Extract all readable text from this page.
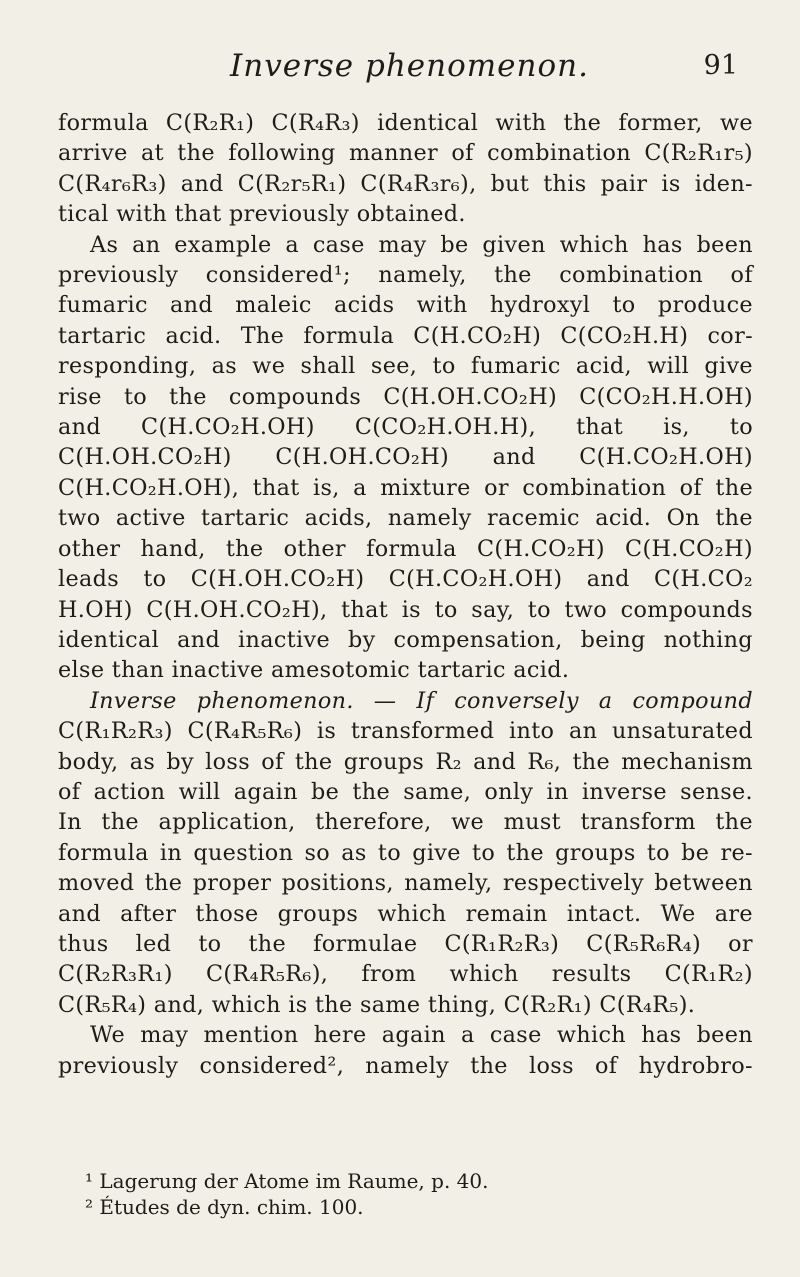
Inverse phenomenon.	91
formula C(R₂R₁) C(R₄R₃) identical with the former, we
arrive at the following manner of combination C(R₂R₁r₅)
C(R₄r₆R₃) and C(R₂r₅R₁) C(R₄R₃r₆), but this pair is iden-
tical with that previously obtained.
As an example a case may be given which has been
previously considered¹; namely, the combination of
fumaric and maleic acids with hydroxyl to produce
tartaric acid. The formula C(H.CO₂H) C(CO₂H.H) cor-
responding, as we shall see, to fumaric acid, will give
rise to the compounds C(H.OH.CO₂H) C(CO₂H.H.OH)
and C(H.CO₂H.OH) C(CO₂H.OH.H), that is, to
C(H.OH.CO₂H) C(H.OH.CO₂H) and C(H.CO₂H.OH)
C(H.CO₂H.OH), that is, a mixture or combination of the
two active tartaric acids, namely racemic acid. On the
other hand, the other formula C(H.CO₂H) C(H.CO₂H)
leads to C(H.OH.CO₂H) C(H.CO₂H.OH) and C(H.CO₂
H.OH) C(H.OH.CO₂H), that is to say, to two compounds
identical and inactive by compensation, being nothing
else than inactive amesotomic tartaric acid.
Inverse phenomenon. — If conversely a compound
C(R₁R₂R₃) C(R₄R₅R₆) is transformed into an unsaturated
body, as by loss of the groups R₂ and R₆, the mechanism
of action will again be the same, only in inverse sense.
In the application, therefore, we must transform the
formula in question so as to give to the groups to be re-
moved the proper positions, namely, respectively between
and after those groups which remain intact. We are
thus led to the formulae C(R₁R₂R₃) C(R₅R₆R₄) or
C(R₂R₃R₁) C(R₄R₅R₆), from which results C(R₁R₂)
C(R₅R₄) and, which is the same thing, C(R₂R₁) C(R₄R₅).
We may mention here again a case which has been
previously considered², namely the loss of hydrobro-
¹ Lagerung der Atome im Raume, p. 40.
² Études de dyn. chim. 100.
